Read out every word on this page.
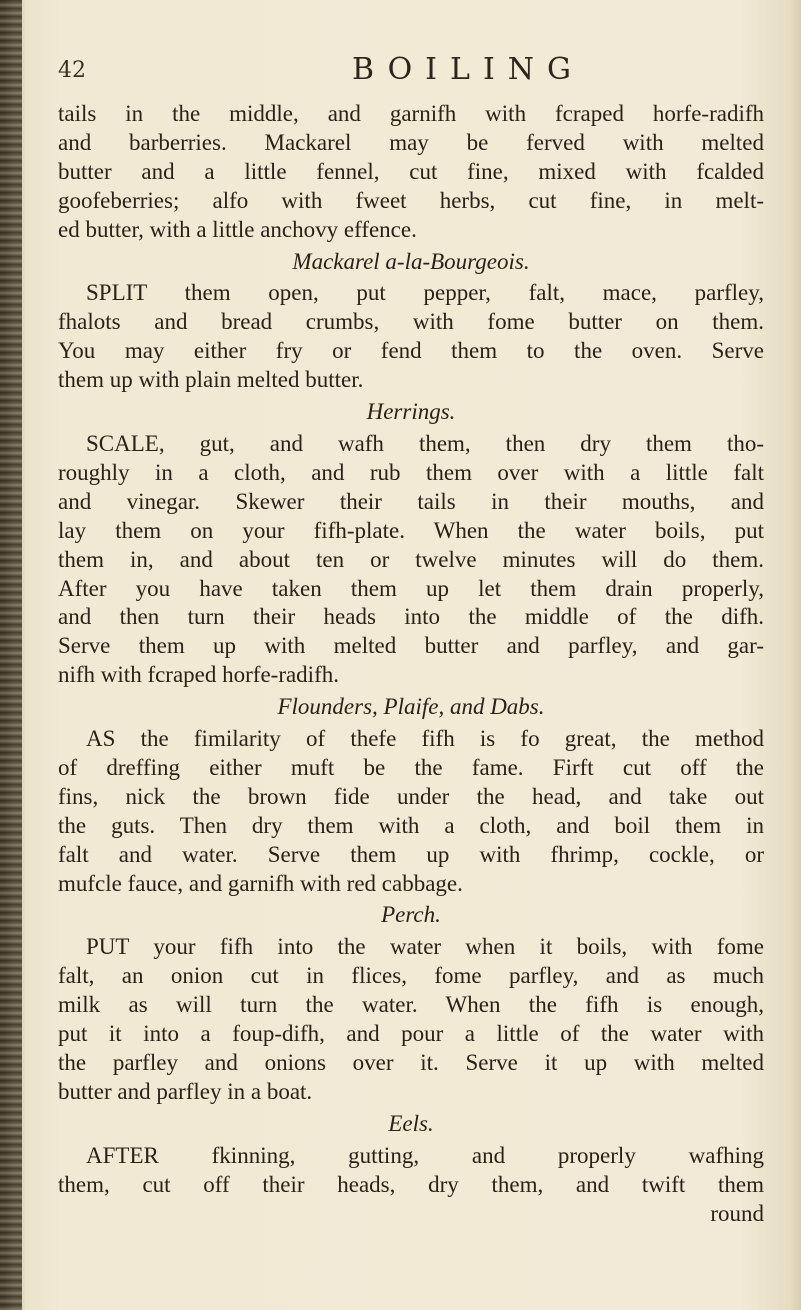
42	BOILING

tails in the middle, and garnifh with fcraped horfe-radifh

and barberries. Mackarel may be ferved with melted

butter and a little fennel, cut fine, mixed with fcalded

goofeberries; alfo with fweet herbs, cut fine, in melt-

ed butter, with a little anchovy effence.

Mackarel a-la-Bourgeois.

SPLIT them open, put pepper, falt, mace, parfley,

fhalots and bread crumbs, with fome butter on them.

You may either fry or fend them to the oven. Serve

them up with plain melted butter.

Herrings.

SCALE, gut, and wafh them, then dry them tho-

roughly in a cloth, and rub them over with a little falt

and vinegar. Skewer their tails in their mouths, and

lay them on your fifh-plate. When the water boils, put

them in, and about ten or twelve minutes will do them.

After you have taken them up let them drain properly,

and then turn their heads into the middle of the difh.

Serve them up with melted butter and parfley, and gar-

nifh with fcraped horfe-radifh.

Flounders, Plaife, and Dabs.

AS the fimilarity of thefe fifh is fo great, the method

of dreffing either muft be the fame. Firft cut off the

fins, nick the brown fide under the head, and take out

the guts. Then dry them with a cloth, and boil them in

falt and water. Serve them up with fhrimp, cockle, or

mufcle fauce, and garnifh with red cabbage.

Perch.

PUT your fifh into the water when it boils, with fome

falt, an onion cut in flices, fome parfley, and as much

milk as will turn the water. When the fifh is enough,

put it into a foup-difh, and pour a little of the water with

the parfley and onions over it. Serve it up with melted

butter and parfley in a boat.

Eels.

AFTER fkinning, gutting, and properly wafhing

them, cut off their heads, dry them, and twift them

round
